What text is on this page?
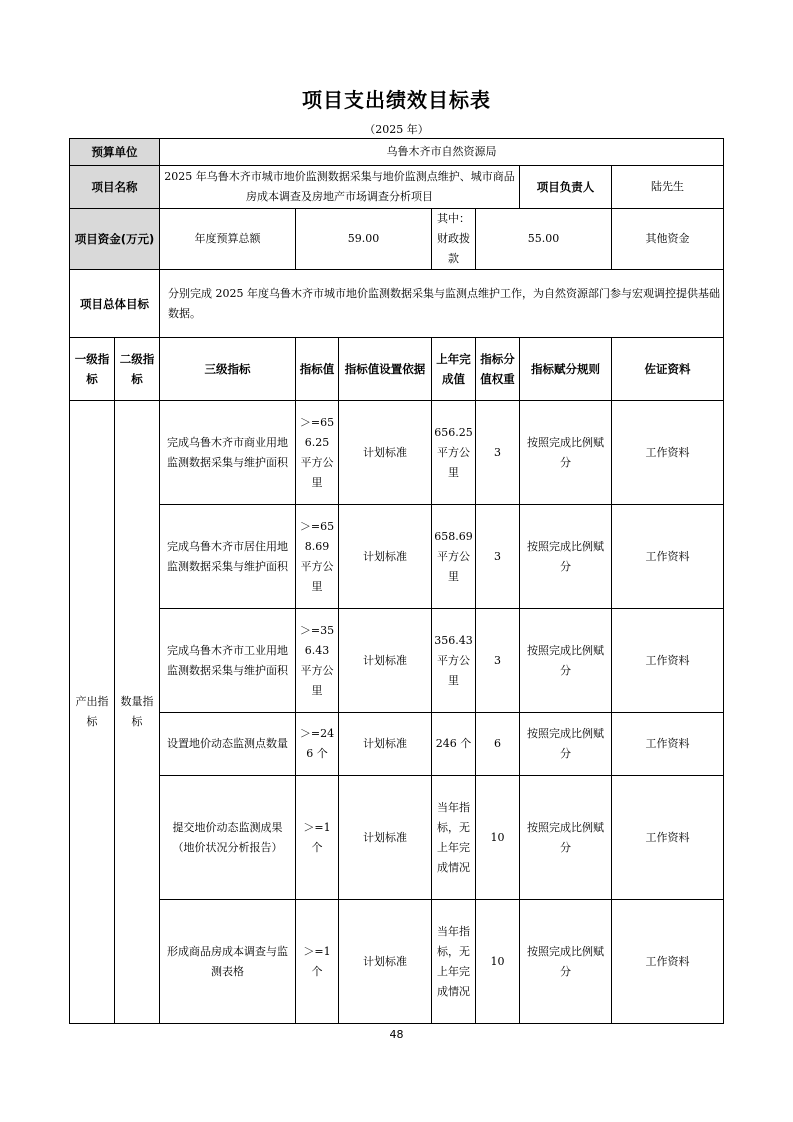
项目支出绩效目标表
（2025 年）
预算单位		乌鲁木齐市自然资源局							
项目名称		2025 年乌鲁木齐市城市地价监测数据采集与地价监测点维护、城市商品房成本调查及房地产市场调查分析项目					项目负责人	陆先生	
项目资金(万元)		年度预算总额	59.00		其中：财政拨款	55.00		其他资金	
项目总体目标		分别完成 2025 年度乌鲁木齐市城市地价监测数据采集与监测点维护工作，为自然资源部门参与宏观调控提供基础数据。							
一级指标	二级指标	三级指标	指标值	指标值设置依据	上年完成值	指标分值权重	指标赋分规则	佐证资料	
产出指标	数量指标	完成乌鲁木齐市商业用地监测数据采集与维护面积	＞=656.25 平方公里	计划标准	656.25 平方公里	3	按照完成比例赋分	工作资料	
		完成乌鲁木齐市居住用地监测数据采集与维护面积	＞=658.69 平方公里	计划标准	658.69 平方公里	3	按照完成比例赋分	工作资料	
		完成乌鲁木齐市工业用地监测数据采集与维护面积	＞=356.43 平方公里	计划标准	356.43 平方公里	3	按照完成比例赋分	工作资料	
		设置地价动态监测点数量	＞=246 个	计划标准	246 个	6	按照完成比例赋分	工作资料	
		提交地价动态监测成果（地价状况分析报告）	＞=1 个	计划标准	当年指标，无上年完成情况	10	按照完成比例赋分	工作资料	
		形成商品房成本调查与监测表格	＞=1 个	计划标准	当年指标，无上年完成情况	10	按照完成比例赋分	工作资料	
48
